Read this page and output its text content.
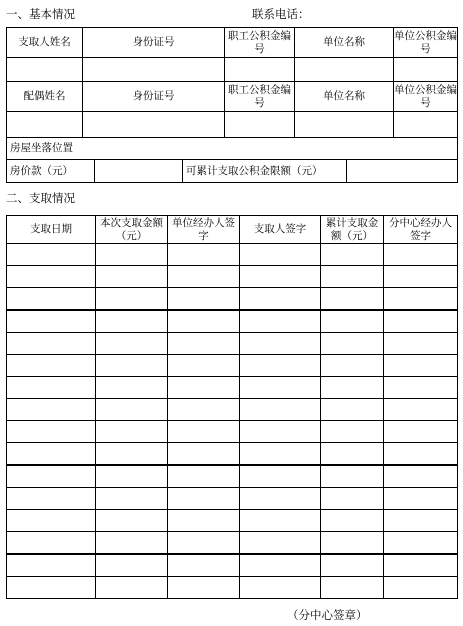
一、基本情况	联系电话：
支取人姓名	身份证号	职工公积金编号	单位名称	单位公积金编号

配偶姓名	身份证号	职工公积金编号	单位名称	单位公积金编号

房屋坐落位置				

房价款（元） 可累计支取公积金限额（元）				
二、支取情况
支取日期	本次支取金额（元）	单位经办人签字	支取人签字	累计支取金额（元）	分中心经办人签字

（分中心签章）
